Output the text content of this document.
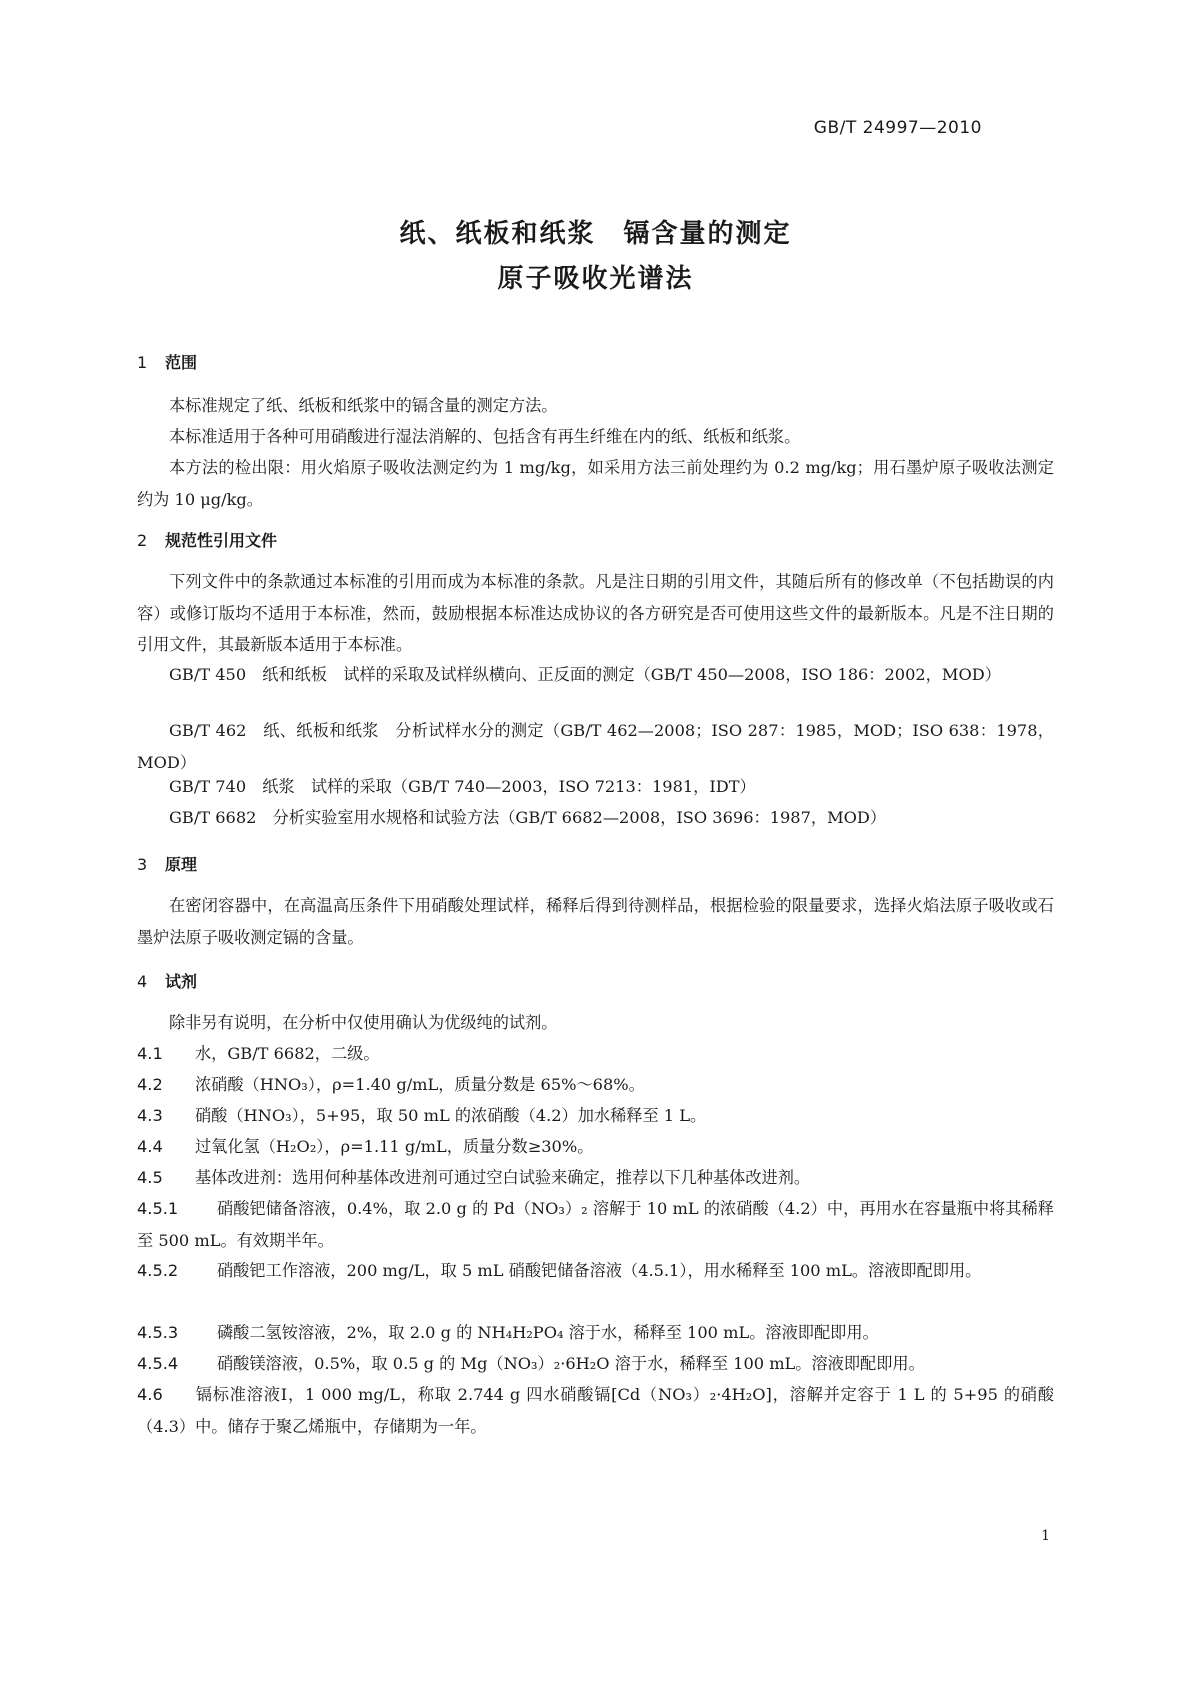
GB/T 24997—2010
纸、纸板和纸浆　镉含量的测定
原子吸收光谱法
1 范围
本标准规定了纸、纸板和纸浆中的镉含量的测定方法。
本标准适用于各种可用硝酸进行湿法消解的、包括含有再生纤维在内的纸、纸板和纸浆。
本方法的检出限：用火焰原子吸收法测定约为 1 mg/kg，如采用方法三前处理约为 0.2 mg/kg；用石墨炉原子吸收法测定约为 10 μg/kg。
2 规范性引用文件
下列文件中的条款通过本标准的引用而成为本标准的条款。凡是注日期的引用文件，其随后所有的修改单（不包括勘误的内容）或修订版均不适用于本标准，然而，鼓励根据本标准达成协议的各方研究是否可使用这些文件的最新版本。凡是不注日期的引用文件，其最新版本适用于本标准。
GB/T 450　纸和纸板　试样的采取及试样纵横向、正反面的测定（GB/T 450—2008，ISO 186：2002，MOD）
GB/T 462　纸、纸板和纸浆　分析试样水分的测定（GB/T 462—2008；ISO 287：1985，MOD；ISO 638：1978，MOD）
GB/T 740　纸浆　试样的采取（GB/T 740—2003，ISO 7213：1981，IDT）
GB/T 6682　分析实验室用水规格和试验方法（GB/T 6682—2008，ISO 3696：1987，MOD）
3 原理
在密闭容器中，在高温高压条件下用硝酸处理试样，稀释后得到待测样品，根据检验的限量要求，选择火焰法原子吸收或石墨炉法原子吸收测定镉的含量。
4 试剂
除非另有说明，在分析中仅使用确认为优级纯的试剂。
4.1 水，GB/T 6682，二级。
4.2 浓硝酸（HNO₃），ρ=1.40 g/mL，质量分数是 65%～68%。
4.3 硝酸（HNO₃），5+95，取 50 mL 的浓硝酸（4.2）加水稀释至 1 L。
4.4 过氧化氢（H₂O₂），ρ=1.11 g/mL，质量分数≥30%。
4.5 基体改进剂：选用何种基体改进剂可通过空白试验来确定，推荐以下几种基体改进剂。
4.5.1 硝酸钯储备溶液，0.4%，取 2.0 g 的 Pd（NO₃）₂ 溶解于 10 mL 的浓硝酸（4.2）中，再用水在容量瓶中将其稀释至 500 mL。有效期半年。
4.5.2 硝酸钯工作溶液，200 mg/L，取 5 mL 硝酸钯储备溶液（4.5.1），用水稀释至 100 mL。溶液即配即用。
4.5.3 磷酸二氢铵溶液，2%，取 2.0 g 的 NH₄H₂PO₄ 溶于水，稀释至 100 mL。溶液即配即用。
4.5.4 硝酸镁溶液，0.5%，取 0.5 g 的 Mg（NO₃）₂·6H₂O 溶于水，稀释至 100 mL。溶液即配即用。
4.6 镉标准溶液Ⅰ，1 000 mg/L，称取 2.744 g 四水硝酸镉[Cd（NO₃）₂·4H₂O]，溶解并定容于 1 L 的 5+95 的硝酸（4.3）中。储存于聚乙烯瓶中，存储期为一年。
1
